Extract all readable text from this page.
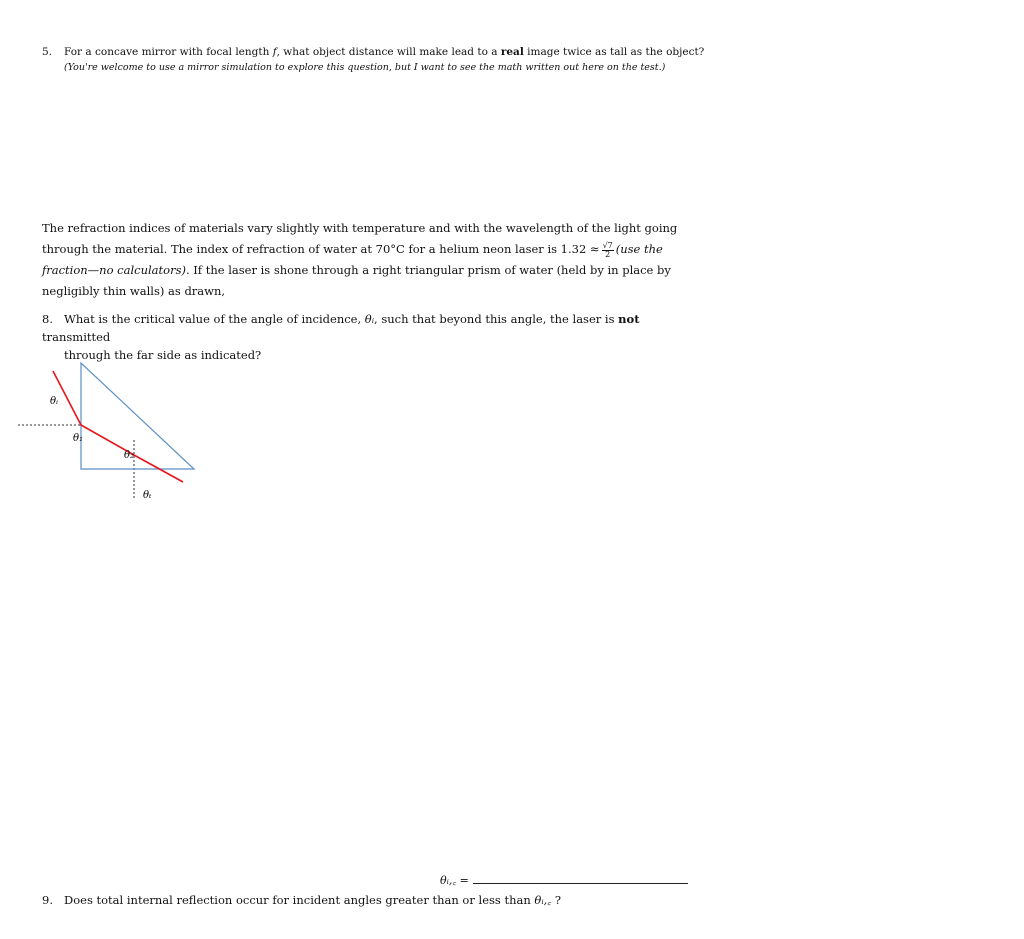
5. For a concave mirror with focal length f, what object distance will make lead to a real image twice as tall as the object?
(You're welcome to use a mirror simulation to explore this question, but I want to see the math written out here on the test.)
The refraction indices of materials vary slightly with temperature and with the wavelength of the light going through the material. The index of refraction of water at 70°C for a helium neon laser is $1.32 \approx \frac{√7}{2} (use$ the fraction—no calculators). If the laser is shone through a right triangular prism of water (held by in place by negligibly thin walls) as drawn,
8. What is the critical value of the angle of incidence, θᵢ, such that beyond this angle, the laser is not transmitted
through the far side as indicated?
θᵢ
θ₁
θ₂
θₜ
θᵢ,꜀ =
9. Does total internal reflection occur for incident angles greater than or less than θᵢ,꜀ ?
